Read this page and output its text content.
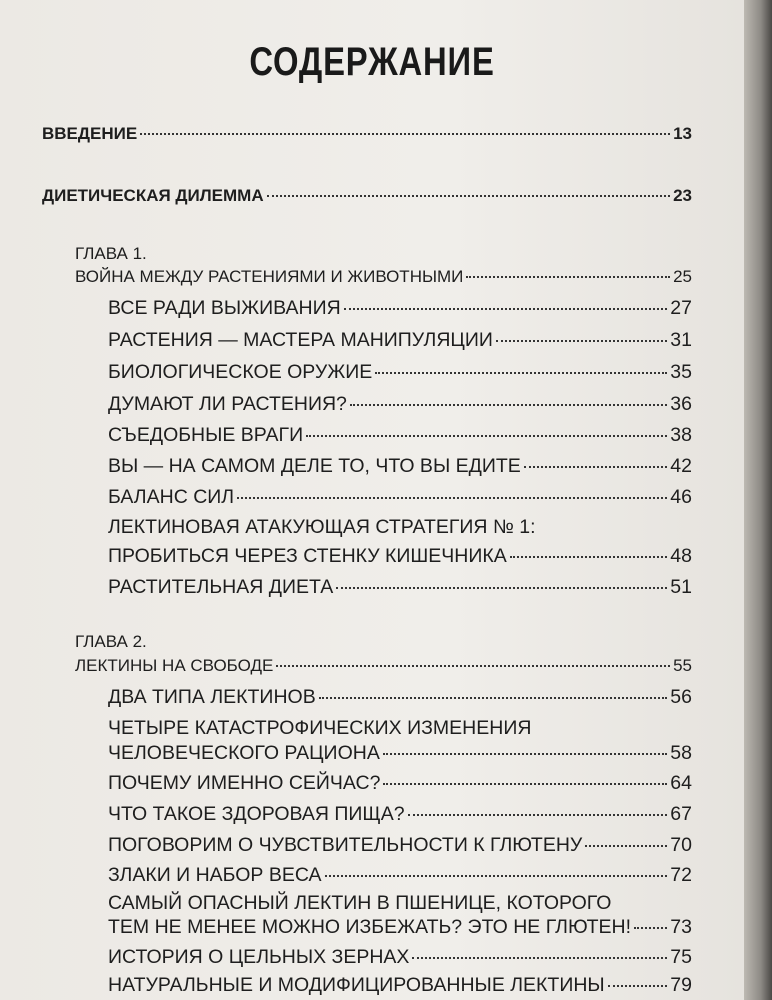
СОДЕРЖАНИЕ
ВВЕДЕНИЕ	13
ДИЕТИЧЕСКАЯ ДИЛЕММА	23
ГЛАВА 1.
ВОЙНА МЕЖДУ РАСТЕНИЯМИ И ЖИВОТНЫМИ	25
ВСЕ РАДИ ВЫЖИВАНИЯ	27
РАСТЕНИЯ — МАСТЕРА МАНИПУЛЯЦИИ	31
БИОЛОГИЧЕСКОЕ ОРУЖИЕ	35
ДУМАЮТ ЛИ РАСТЕНИЯ?	36
СЪЕДОБНЫЕ ВРАГИ	38
ВЫ — НА САМОМ ДЕЛЕ ТО, ЧТО ВЫ ЕДИТЕ	42
БАЛАНС СИЛ	46
ЛЕКТИНОВАЯ АТАКУЮЩАЯ СТРАТЕГИЯ № 1:
ПРОБИТЬСЯ ЧЕРЕЗ СТЕНКУ КИШЕЧНИКА	48
РАСТИТЕЛЬНАЯ ДИЕТА	51
ГЛАВА 2.
ЛЕКТИНЫ НА СВОБОДЕ	55
ДВА ТИПА ЛЕКТИНОВ	56
ЧЕТЫРЕ КАТАСТРОФИЧЕСКИХ ИЗМЕНЕНИЯ
ЧЕЛОВЕЧЕСКОГО РАЦИОНА	58
ПОЧЕМУ ИМЕННО СЕЙЧАС?	64
ЧТО ТАКОЕ ЗДОРОВАЯ ПИЩА?	67
ПОГОВОРИМ О ЧУВСТВИТЕЛЬНОСТИ К ГЛЮТЕНУ	70
ЗЛАКИ И НАБОР ВЕСА	72
САМЫЙ ОПАСНЫЙ ЛЕКТИН В ПШЕНИЦЕ, КОТОРОГО
ТЕМ НЕ МЕНЕЕ МОЖНО ИЗБЕЖАТЬ? ЭТО НЕ ГЛЮТЕН! 73
ИСТОРИЯ О ЦЕЛЬНЫХ ЗЕРНАХ	75
НАТУРАЛЬНЫЕ И МОДИФИЦИРОВАННЫЕ ЛЕКТИНЫ	79
